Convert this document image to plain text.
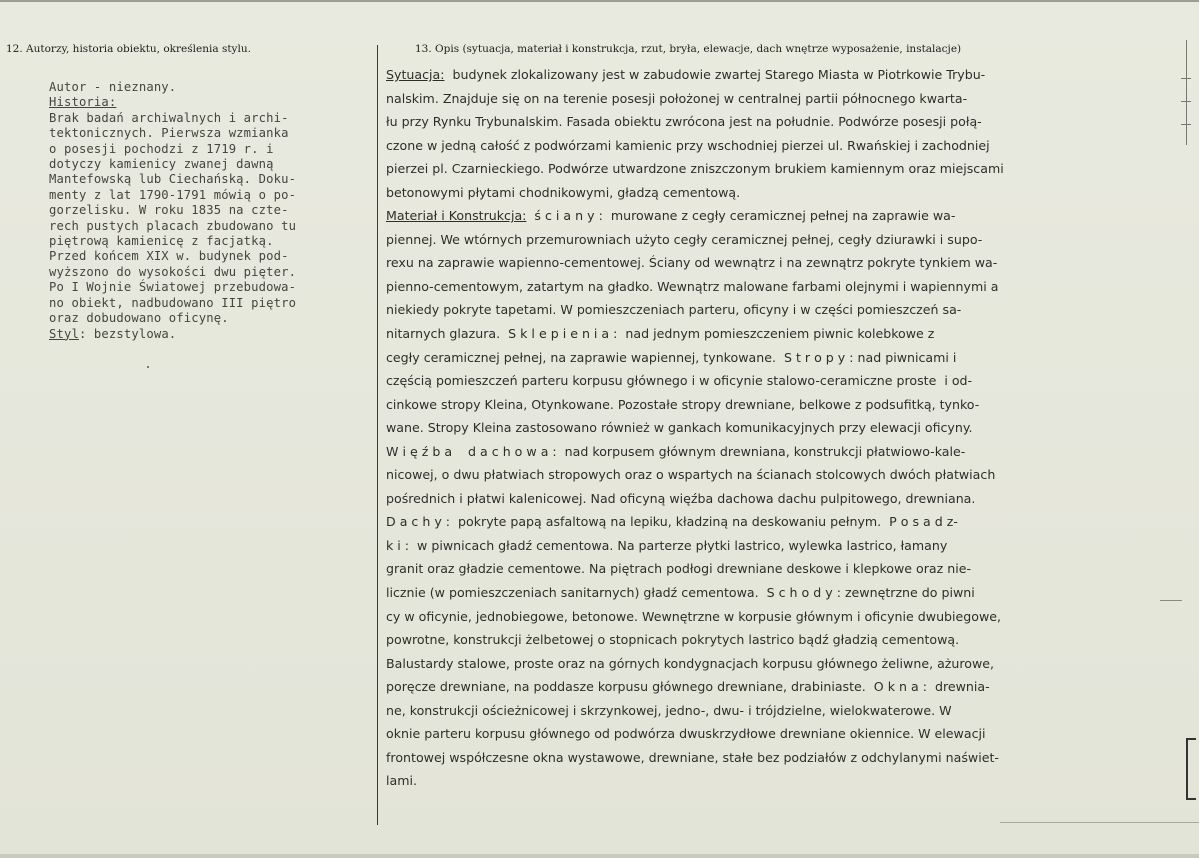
12. Autorzy, historia obiektu, określenia stylu.	13. Opis (sytuacja, materiał i konstrukcja, rzut, bryła, elewacje, dach wnętrze wyposażenie, instalacje)
Autor - nieznany.
Historia:
Brak badań archiwalnych i archi-
tektonicznych. Pierwsza wzmianka
o posesji pochodzi z 1719 r. i
dotyczy kamienicy zwanej dawną
Mantefowską lub Ciechańską. Doku-
menty z lat 1790-1791 mówią o po-
gorzelisku. W roku 1835 na czte-
rech pustych placach zbudowano tu
piętrową kamienicę z facjatką.
Przed końcem XIX w. budynek pod-
wyższono do wysokości dwu pięter.
Po I Wojnie Światowej przebudowa-
no obiekt, nadbudowano III piętro
oraz dobudowano oficynę.
Styl: bezstylowa.
Sytuacja:  budynek zlokalizowany jest w zabudowie zwartej Starego Miasta w Piotrkowie Trybu-
nalskim. Znajduje się on na terenie posesji położonej w centralnej partii północnego kwarta-
łu przy Rynku Trybunalskim. Fasada obiektu zwrócona jest na południe. Podwórze posesji połą-
czone w jedną całość z podwórzami kamienic przy wschodniej pierzei ul. Rwańskiej i zachodniej
pierzei pl. Czarnieckiego. Podwórze utwardzone zniszczonym brukiem kamiennym oraz miejscami
betonowymi płytami chodnikowymi, gładzą cementową.
Materiał i Konstrukcja:  ś c i a n y :  murowane z cegły ceramicznej pełnej na zaprawie wa-
piennej. We wtórnych przemurowniach użyto cegły ceramicznej pełnej, cegły dziurawki i supo-
rexu na zaprawie wapienno-cementowej. Ściany od wewnątrz i na zewnątrz pokryte tynkiem wa-
pienno-cementowym, zatartym na gładko. Wewnątrz malowane farbami olejnymi i wapiennymi a
niekiedy pokryte tapetami. W pomieszczeniach parteru, oficyny i w części pomieszczeń sa-
nitarnych glazura.  S k l e p i e n i a :  nad jednym pomieszczeniem piwnic kolebkowe z
cegły ceramicznej pełnej, na zaprawie wapiennej, tynkowane.  S t r o p y : nad piwnicami i
częścią pomieszczeń parteru korpusu głównego i w oficynie stalowo-ceramiczne proste  i od-
cinkowe stropy Kleina, Otynkowane. Pozostałe stropy drewniane, belkowe z podsufitką, tynko-
wane. Stropy Kleina zastosowano również w gankach komunikacyjnych przy elewacji oficyny.
W i ę ź b a    d a c h o w a :  nad korpusem głównym drewniana, konstrukcji płatwiowo-kale-
nicowej, o dwu płatwiach stropowych oraz o wspartych na ścianach stolcowych dwóch płatwiach
pośrednich i płatwi kalenicowej. Nad oficyną więźba dachowa dachu pulpitowego, drewniana.
D a c h y :  pokryte papą asfaltową na lepiku, kładziną na deskowaniu pełnym.  P o s a d z-
k i :  w piwnicach gładź cementowa. Na parterze płytki lastrico, wylewka lastrico, łamany
granit oraz gładzie cementowe. Na piętrach podłogi drewniane deskowe i klepkowe oraz nie-
licznie (w pomieszczeniach sanitarnych) gładź cementowa.  S c h o d y : zewnętrzne do piwni
cy w oficynie, jednobiegowe, betonowe. Wewnętrzne w korpusie głównym i oficynie dwubiegowe,
powrotne, konstrukcji żelbetowej o stopnicach pokrytych lastrico bądź gładzią cementową.
Balustardy stalowe, proste oraz na górnych kondygnacjach korpusu głównego żeliwne, ażurowe,
poręcze drewniane, na poddasze korpusu głównego drewniane, drabiniaste.  O k n a :  drewnia-
ne, konstrukcji ościeżnicowej i skrzynkowej, jedno-, dwu- i trójdzielne, wielokwaterowe. W
oknie parteru korpusu głównego od podwórza dwuskrzydłowe drewniane okiennice. W elewacji
frontowej współczesne okna wystawowe, drewniane, stałe bez podziałów z odchylanymi naświet-
lami.
